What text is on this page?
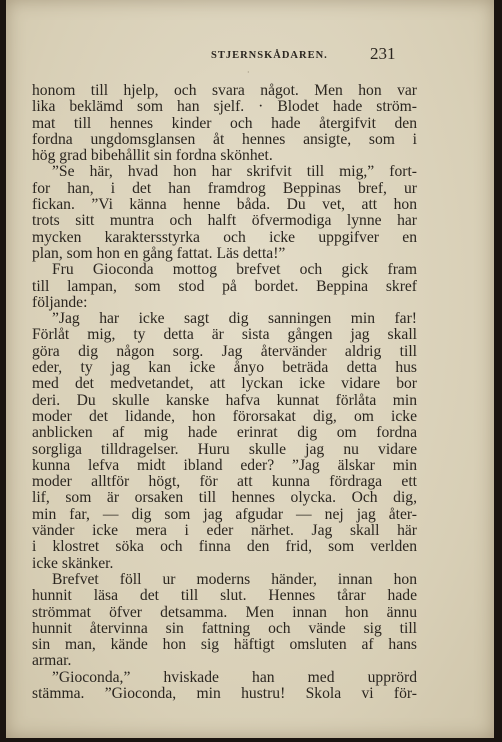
STJERNSKÅDAREN. 231
·
honom till hjelp, och svara något. Men hon var
lika beklämd som han sjelf. · Blodet hade ström-
mat till hennes kinder och hade återgifvit den
fordna ungdomsglansen åt hennes ansigte, som i
hög grad bibehållit sin fordna skönhet.
”Se här, hvad hon har skrifvit till mig,” fort-
for han, i det han framdrog Beppinas bref, ur
fickan. ”Vi känna henne båda. Du vet, att hon
trots sitt muntra och halft öfvermodiga lynne har
mycken karaktersstyrka och icke uppgifver en
plan, som hon en gång fattat. Läs detta!”
Fru Gioconda mottog brefvet och gick fram
till lampan, som stod på bordet. Beppina skref
följande:
”Jag har icke sagt dig sanningen min far!
Förlåt mig, ty detta är sista gången jag skall
göra dig någon sorg. Jag återvänder aldrig till
eder, ty jag kan icke ånyo beträda detta hus
med det medvetandet, att lyckan icke vidare bor
deri. Du skulle kanske hafva kunnat förlåta min
moder det lidande, hon förorsakat dig, om icke
anblicken af mig hade erinrat dig om fordna
sorgliga tilldragelser. Huru skulle jag nu vidare
kunna lefva midt ibland eder? ”Jag älskar min
moder alltför högt, för att kunna fördraga ett
lif, som är orsaken till hennes olycka. Och dig,
min far, — dig som jag afgudar — nej jag åter-
vänder icke mera i eder närhet. Jag skall här
i klostret söka och finna den frid, som verlden
icke skänker.
Brefvet föll ur moderns händer, innan hon
hunnit läsa det till slut. Hennes tårar hade
strömmat öfver detsamma. Men innan hon ännu
hunnit återvinna sin fattning och vände sig till
sin man, kände hon sig häftigt omsluten af hans
armar.
”Gioconda,” hviskade han med upprörd
stämma. ”Gioconda, min hustru! Skola vi för-
